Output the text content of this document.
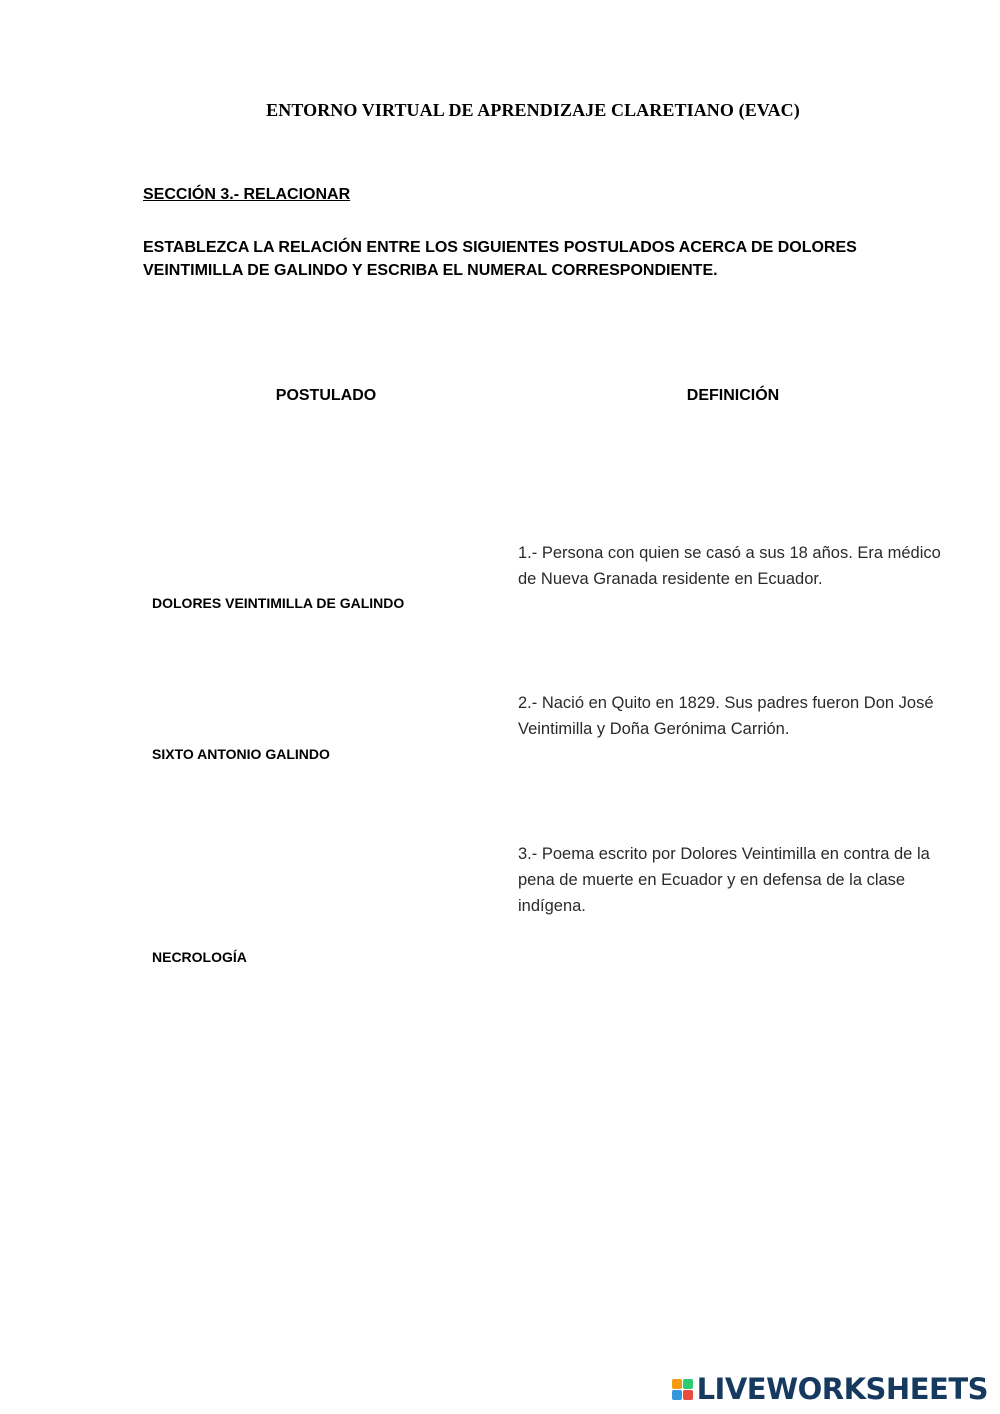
ENTORNO VIRTUAL DE APRENDIZAJE CLARETIANO (EVAC)
SECCIÓN 3.- RELACIONAR
ESTABLEZCA LA RELACIÓN ENTRE LOS SIGUIENTES POSTULADOS ACERCA DE DOLORES VEINTIMILLA DE GALINDO Y ESCRIBA EL NUMERAL CORRESPONDIENTE.
POSTULADO	DEFINICIÓN
DOLORES VEINTIMILLA DE GALINDO
SIXTO ANTONIO GALINDO
NECROLOGÍA
1.- Persona con quien se casó a sus 18 años. Era médico de Nueva Granada residente en Ecuador.
2.- Nació en Quito en 1829. Sus padres fueron Don José Veintimilla y Doña Gerónima Carrión.
3.- Poema escrito por Dolores Veintimilla en contra de la pena de muerte en Ecuador y en defensa de la clase indígena.
LIVEWORKSHEETS
